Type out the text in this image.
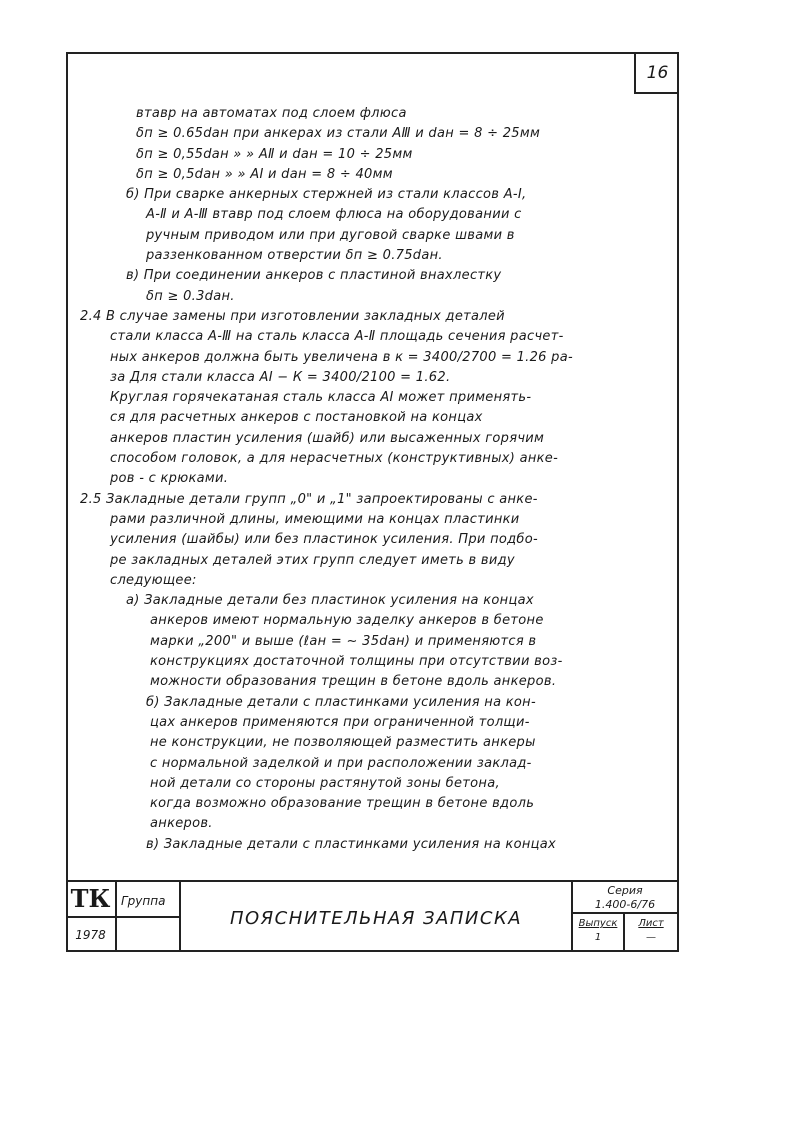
16
втавр на автоматах под слоем флюса
δп ≥ 0.65dан при анкерах из стали АⅢ и dан = 8 ÷ 25мм
δп ≥ 0,55dан » » АⅡ и dан = 10 ÷ 25мм
δп ≥ 0,5dан » » АⅠ и dан = 8 ÷ 40мм
б) При сварке анкерных стержней из стали классов А-Ⅰ,
А-Ⅱ и А-Ⅲ втавр под слоем флюса на оборудовании с
ручным приводом или при дуговой сварке швами в
раззенкованном отверстии δп ≥ 0.75dан.
в) При соединении анкеров с пластиной внахлестку
δп ≥ 0.3dан.
2.4 В случае замены при изготовлении закладных деталей
стали класса А-Ⅲ на сталь класса А-Ⅱ площадь сечения расчет-
ных анкеров должна быть увеличена в к = 3400/2700 = 1.26 ра-
за Для стали класса АⅠ − К = 3400/2100 = 1.62.
Круглая горячекатаная сталь класса АⅠ может применять-
ся для расчетных анкеров с постановкой на концах
анкеров пластин усиления (шайб) или высаженных горячим
способом головок, а для нерасчетных (конструктивных) анке-
ров - с крюками.
2.5 Закладные детали групп „0" и „1" запроектированы с анке-
рами различной длины, имеющими на концах пластинки
усиления (шайбы) или без пластинок усиления. При подбо-
ре закладных деталей этих групп следует иметь в виду
следующее:
а) Закладные детали без пластинок усиления на концах
анкеров имеют нормальную заделку анкеров в бетоне
марки „200" и выше (ℓан = ~ 35dан) и применяются в
конструкциях достаточной толщины при отсутствии воз-
можности образования трещин в бетоне вдоль анкеров.
б) Закладные детали с пластинками усиления на кон-
цах анкеров применяются при ограниченной толщи-
не конструкции, не позволяющей разместить анкеры
с нормальной заделкой и при расположении заклад-
ной детали со стороны растянутой зоны бетона,
когда возможно образование трещин в бетоне вдоль
анкеров.
в) Закладные детали с пластинками усиления на концах
ТК Группа
1978
ПОЯСНИТЕЛЬНАЯ ЗАПИСКА
Серия
1.400-6/76
Выпуск
1
Лист
—
